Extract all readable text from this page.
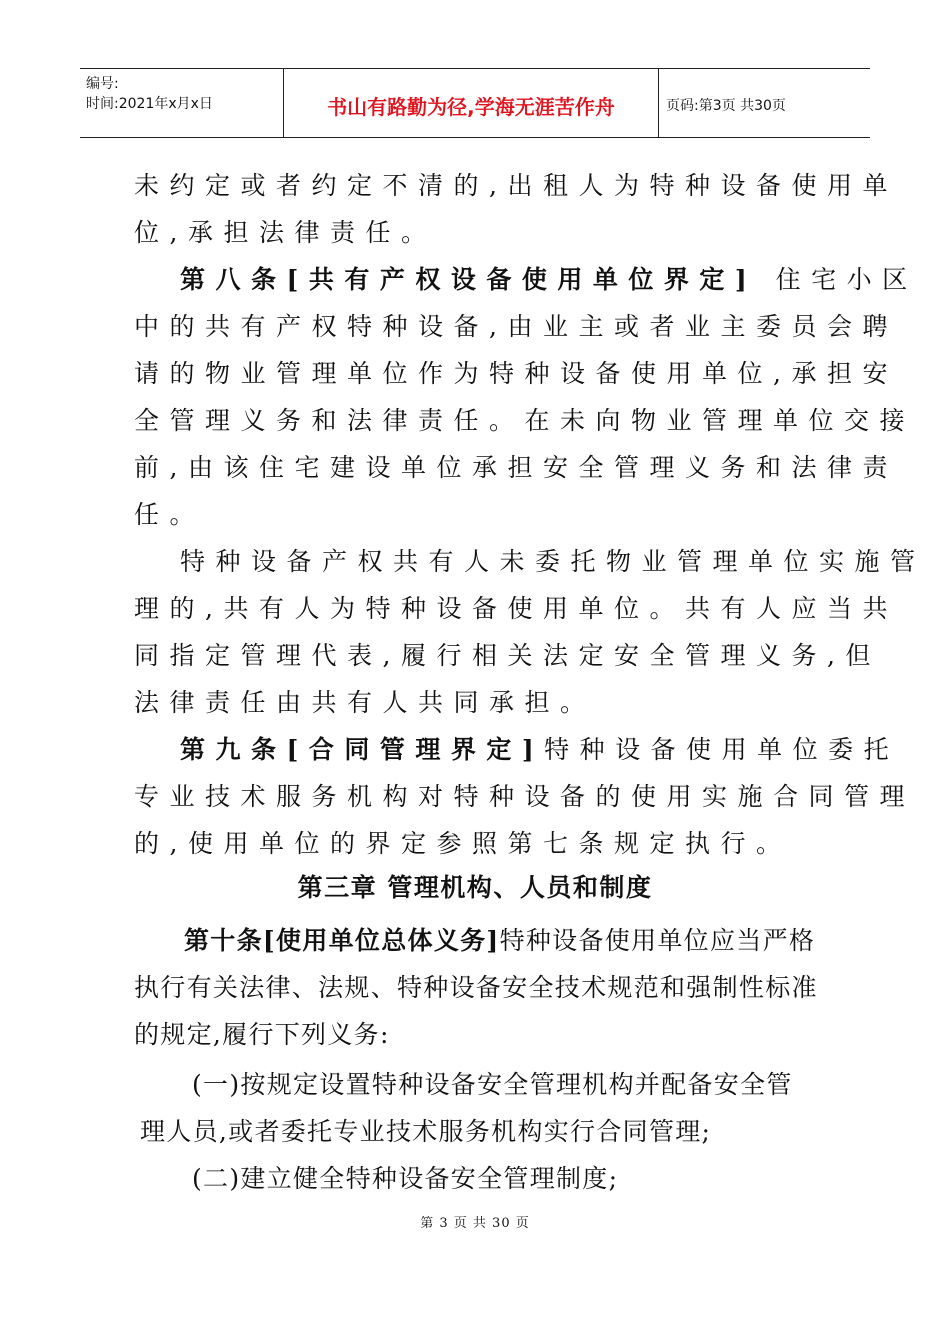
编号:
时间:2021年x月x日	书山有路勤为径,学海无涯苦作舟	页码:第3页 共30页
未约定或者约定不清的,出租人为特种设备使用单
位,承担法律责任。
第八条[共有产权设备使用单位界定] 住宅小区
中的共有产权特种设备,由业主或者业主委员会聘
请的物业管理单位作为特种设备使用单位,承担安
全管理义务和法律责任。在未向物业管理单位交接
前,由该住宅建设单位承担安全管理义务和法律责
任。
特种设备产权共有人未委托物业管理单位实施管
理的,共有人为特种设备使用单位。共有人应当共
同指定管理代表,履行相关法定安全管理义务,但
法律责任由共有人共同承担。
第九条[合同管理界定]特种设备使用单位委托
专业技术服务机构对特种设备的使用实施合同管理
的,使用单位的界定参照第七条规定执行。
第三章 管理机构、人员和制度
第十条[使用单位总体义务]特种设备使用单位应当严格
执行有关法律、法规、特种设备安全技术规范和强制性标准
的规定,履行下列义务:
(一)按规定设置特种设备安全管理机构并配备安全管
理人员,或者委托专业技术服务机构实行合同管理;
(二)建立健全特种设备安全管理制度;
第 3 页 共 30 页
